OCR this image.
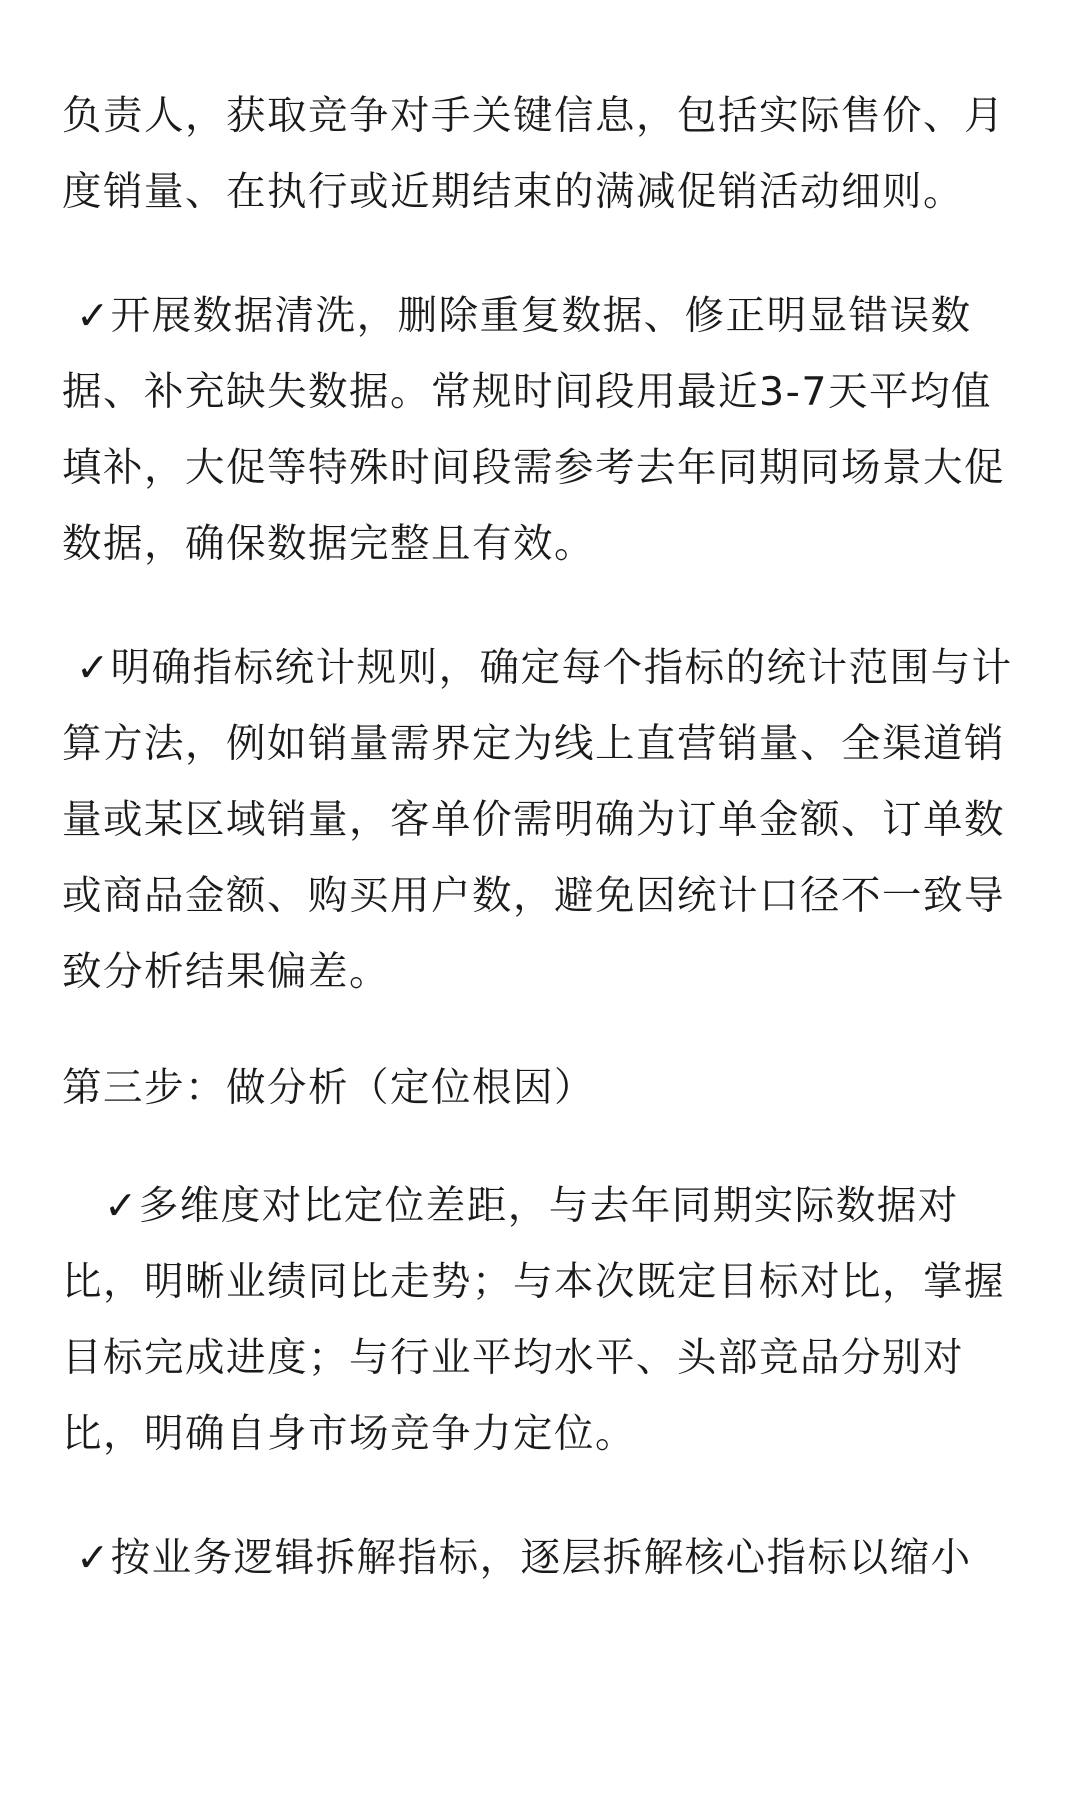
负责人，获取竞争对手关键信息，包括实际售价、月度销量、在执行或近期结束的满减促销活动细则。

✓开展数据清洗，删除重复数据、修正明显错误数据、补充缺失数据。常规时间段用最近3-7天平均值填补，大促等特殊时间段需参考去年同期同场景大促数据，确保数据完整且有效。

✓明确指标统计规则，确定每个指标的统计范围与计算方法，例如销量需界定为线上直营销量、全渠道销量或某区域销量，客单价需明确为订单金额、订单数或商品金额、购买用户数，避免因统计口径不一致导致分析结果偏差。

第三步：做分析（定位根因）

✓多维度对比定位差距，与去年同期实际数据对比，明晰业绩同比走势；与本次既定目标对比，掌握目标完成进度；与行业平均水平、头部竞品分别对比，明确自身市场竞争力定位。

✓按业务逻辑拆解指标，逐层拆解核心指标以缩小
